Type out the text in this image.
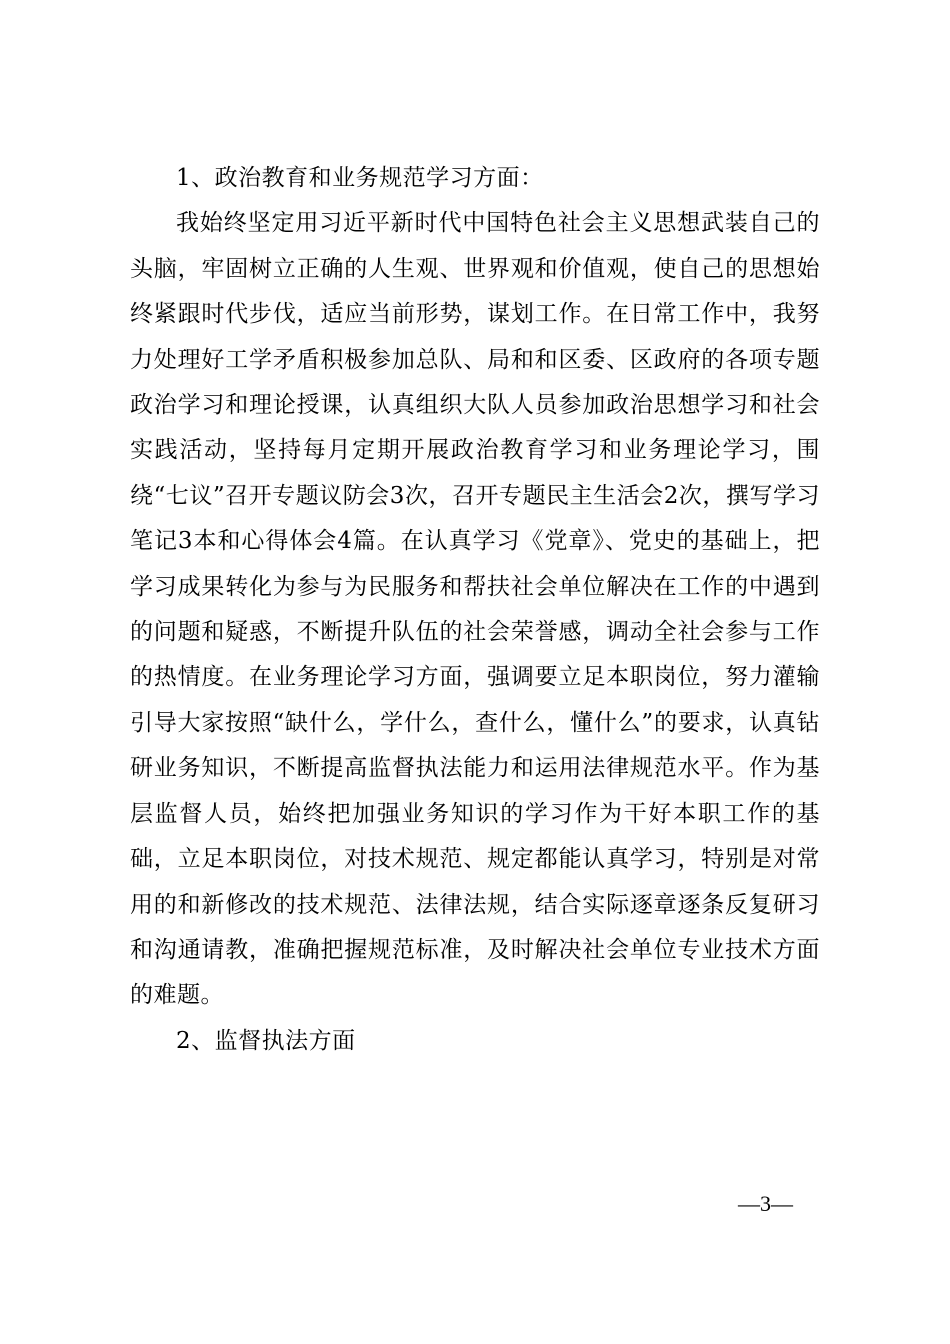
1、政治教育和业务规范学习方面：

我始终坚定用习近平新时代中国特色社会主义思想武装自己的头脑，牢固树立正确的人生观、世界观和价值观，使自己的思想始终紧跟时代步伐，适应当前形势，谋划工作。在日常工作中，我努力处理好工学矛盾积极参加总队、局和和区委、区政府的各项专题政治学习和理论授课，认真组织大队人员参加政治思想学习和社会实践活动，坚持每月定期开展政治教育学习和业务理论学习，围绕“七议”召开专题议防会3次，召开专题民主生活会2次，撰写学习笔记3本和心得体会4篇。在认真学习《党章》、党史的基础上，把学习成果转化为参与为民服务和帮扶社会单位解决在工作的中遇到的问题和疑惑，不断提升队伍的社会荣誉感，调动全社会参与工作的热情度。在业务理论学习方面，强调要立足本职岗位，努力灌输引导大家按照“缺什么，学什么，查什么，懂什么”的要求，认真钻研业务知识，不断提高监督执法能力和运用法律规范水平。作为基层监督人员，始终把加强业务知识的学习作为干好本职工作的基础，立足本职岗位，对技术规范、规定都能认真学习，特别是对常用的和新修改的技术规范、法律法规，结合实际逐章逐条反复研习和沟通请教，准确把握规范标准，及时解决社会单位专业技术方面的难题。

2、监督执法方面

—3—
